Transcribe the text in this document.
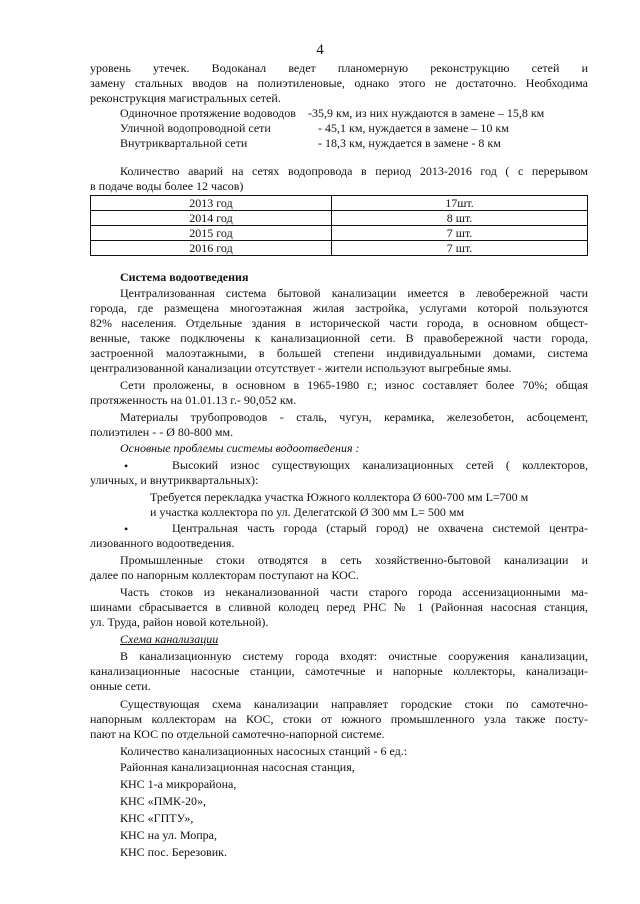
4
уровень утечек. Водоканал ведет планомерную реконструкцию сетей и
замену стальных вводов на полиэтиленовые, однако этого не достаточно. Необходима
реконструкция магистральных сетей.
Одиночное протяжение водоводов	-35,9 км, из них нуждаются в замене – 15,8 км
Уличной водопроводной сети	- 45,1 км, нуждается в замене – 10 км
Внутриквартальной сети	- 18,3 км, нуждается в замене - 8 км
Количество аварий на сетях водопровода в период 2013-2016 год ( с перерывом
в подаче воды более 12 часов)
2013 год	17шт.
2014 год	8 шт.
2015 год	7 шт.
2016 год	7 шт.
Система водоотведения
Централизованная система бытовой канализации имеется в левобережной части
города, где размещена многоэтажная жилая застройка, услугами которой пользуются
82% населения. Отдельные здания в исторической части города, в основном общест-
венные, также подключены к канализационной сети. В правобережной части города,
застроенной малоэтажными, в большей степени индивидуальными домами, система
централизованной канализации отсутствует - жители используют выгребные ямы.
Сети проложены, в основном в 1965-1980 г.; износ составляет более 70%; общая
протяженность на 01.01.13 г.- 90,052 км.
Материалы трубопроводов - сталь, чугун, керамика, железобетон, асбоцемент,
полиэтилен - - Ø 80-800 мм.
Основные проблемы системы водоотведения :
•	Высокий износ существующих канализационных сетей ( коллекторов,
уличных, и внутриквартальных):
Требуется перекладка участка Южного коллектора Ø 600-700 мм L=700 м
и участка коллектора по ул. Делегатской Ø 300 мм L= 500 мм
•	Центральная часть города (старый город) не охвачена системой центра-
лизованного водоотведения.
Промышленные стоки отводятся в сеть хозяйственно-бытовой канализации и
далее по напорным коллекторам поступают на КОС.
Часть стоков из неканализованной части старого города ассенизационными ма-
шинами сбрасывается в сливной колодец перед РНС № 1 (Районная насосная станция,
ул. Труда, район новой котельной).
Схема канализации
В канализационную систему города входят: очистные сооружения канализации,
канализационные насосные станции, самотечные и напорные коллекторы, канализаци-
онные сети.
Существующая схема канализации направляет городские стоки по самотечно-
напорным коллекторам на КОС, стоки от южного промышленного узла также посту-
пают на КОС по отдельной самотечно-напорной системе.
Количество канализационных насосных станций - 6 ед.:
Районная канализационная насосная станция,
КНС 1-а микрорайона,
КНС «ПМК-20»,
КНС «ГПТУ»,
КНС на ул. Мопра,
КНС пос. Березовик.
